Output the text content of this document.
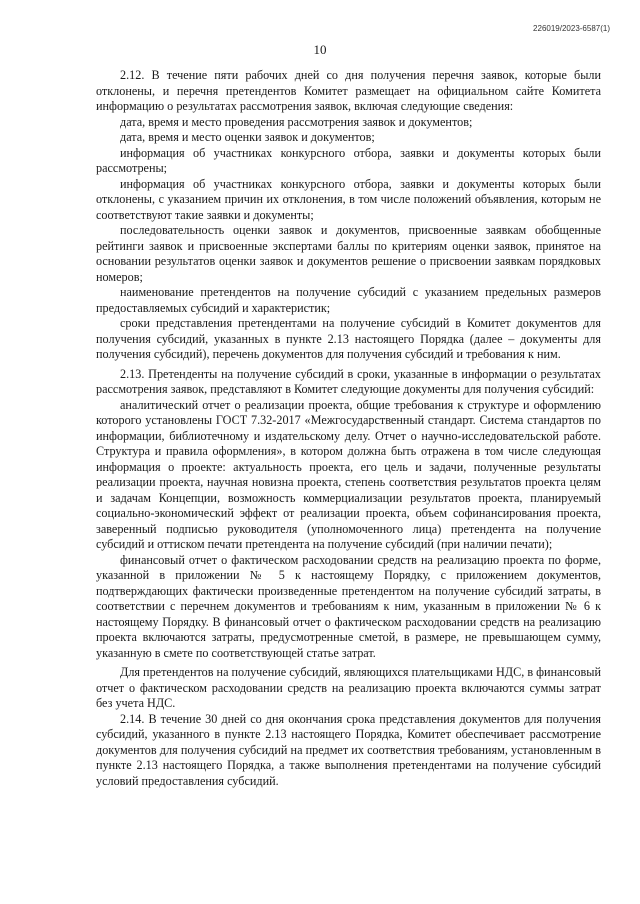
226019/2023-6587(1)
10

2.12. В течение пяти рабочих дней со дня получения перечня заявок, которые были отклонены, и перечня претендентов Комитет размещает на официальном сайте Комитета информацию о результатах рассмотрения заявок, включая следующие сведения:

дата, время и место проведения рассмотрения заявок и документов;

дата, время и место оценки заявок и документов;

информация об участниках конкурсного отбора, заявки и документы которых были рассмотрены;

информация об участниках конкурсного отбора, заявки и документы которых были отклонены, с указанием причин их отклонения, в том числе положений объявления, которым не соответствуют такие заявки и документы;

последовательность оценки заявок и документов, присвоенные заявкам обобщенные рейтинги заявок и присвоенные экспертами баллы по критериям оценки заявок, принятое на основании результатов оценки заявок и документов решение о присвоении заявкам порядковых номеров;

наименование претендентов на получение субсидий с указанием предельных размеров предоставляемых субсидий и характеристик;

сроки представления претендентами на получение субсидий в Комитет документов для получения субсидий, указанных в пункте 2.13 настоящего Порядка (далее – документы для получения субсидий), перечень документов для получения субсидий и требования к ним.

2.13. Претенденты на получение субсидий в сроки, указанные в информации о результатах рассмотрения заявок, представляют в Комитет следующие документы для получения субсидий:

аналитический отчет о реализации проекта, общие требования к структуре и оформлению которого установлены ГОСТ 7.32-2017 «Межгосударственный стандарт. Система стандартов по информации, библиотечному и издательскому делу. Отчет о научно-исследовательской работе. Структура и правила оформления», в котором должна быть отражена в том числе следующая информация о проекте: актуальность проекта, его цель и задачи, полученные результаты реализации проекта, научная новизна проекта, степень соответствия результатов проекта целям и задачам Концепции, возможность коммерциализации результатов проекта, планируемый социально-экономический эффект от реализации проекта, объем софинансирования проекта, заверенный подписью руководителя (уполномоченного лица) претендента на получение субсидий и оттиском печати претендента на получение субсидий (при наличии печати);

финансовый отчет о фактическом расходовании средств на реализацию проекта по форме, указанной в приложении № 5 к настоящему Порядку, с приложением документов, подтверждающих фактически произведенные претендентом на получение субсидий затраты, в соответствии с перечнем документов и требованиям к ним, указанным в приложении № 6 к настоящему Порядку. В финансовый отчет о фактическом расходовании средств на реализацию проекта включаются затраты, предусмотренные сметой, в размере, не превышающем сумму, указанную в смете по соответствующей статье затрат.

Для претендентов на получение субсидий, являющихся плательщиками НДС, в финансовый отчет о фактическом расходовании средств на реализацию проекта включаются суммы затрат без учета НДС.

2.14. В течение 30 дней со дня окончания срока представления документов для получения субсидий, указанного в пункте 2.13 настоящего Порядка, Комитет обеспечивает рассмотрение документов для получения субсидий на предмет их соответствия требованиям, установленным в пункте 2.13 настоящего Порядка, а также выполнения претендентами на получение субсидий условий предоставления субсидий.
